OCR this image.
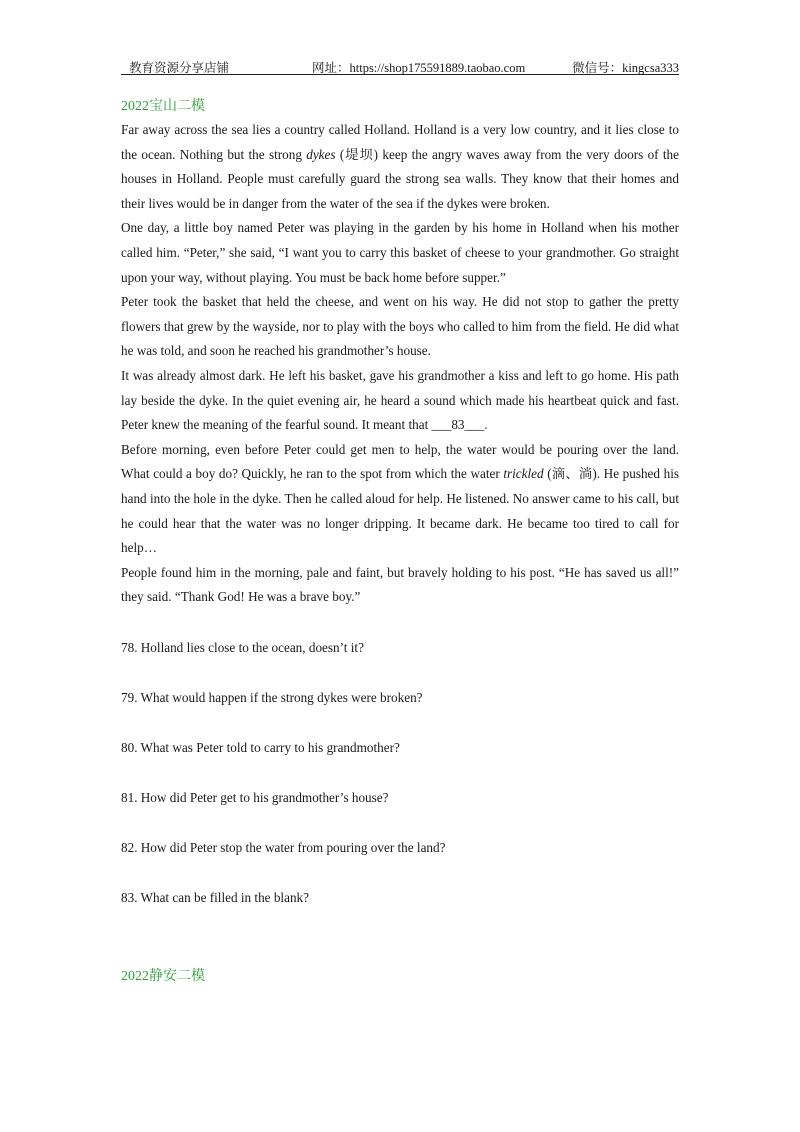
教育资源分享店铺	网址：https://shop175591889.taobao.com	微信号：kingcsa333

2022宝山二模

Far away across the sea lies a country called Holland. Holland is a very low country, and it lies close to the ocean. Nothing but the strong dykes (堤坝) keep the angry waves away from the very doors of the houses in Holland. People must carefully guard the strong sea walls. They know that their homes and their lives would be in danger from the water of the sea if the dykes were broken.

One day, a little boy named Peter was playing in the garden by his home in Holland when his mother called him. “Peter,” she said, “I want you to carry this basket of cheese to your grandmother. Go straight upon your way, without playing. You must be back home before supper.”

Peter took the basket that held the cheese, and went on his way. He did not stop to gather the pretty flowers that grew by the wayside, nor to play with the boys who called to him from the field. He did what he was told, and soon he reached his grandmother’s house.

It was already almost dark. He left his basket, gave his grandmother a kiss and left to go home. His path lay beside the dyke. In the quiet evening air, he heard a sound which made his heartbeat quick and fast. Peter knew the meaning of the fearful sound. It meant that ___83___.

Before morning, even before Peter could get men to help, the water would be pouring over the land. What could a boy do? Quickly, he ran to the spot from which the water trickled (滴、淌). He pushed his hand into the hole in the dyke. Then he called aloud for help. He listened. No answer came to his call, but he could hear that the water was no longer dripping. It became dark. He became too tired to call for help…

People found him in the morning, pale and faint, but bravely holding to his post. “He has saved us all!” they said. “Thank God! He was a brave boy.”

78. Holland lies close to the ocean, doesn’t it?

79. What would happen if the strong dykes were broken?

80. What was Peter told to carry to his grandmother?

81. How did Peter get to his grandmother’s house?

82. How did Peter stop the water from pouring over the land?

83. What can be filled in the blank?

2022静安二模
